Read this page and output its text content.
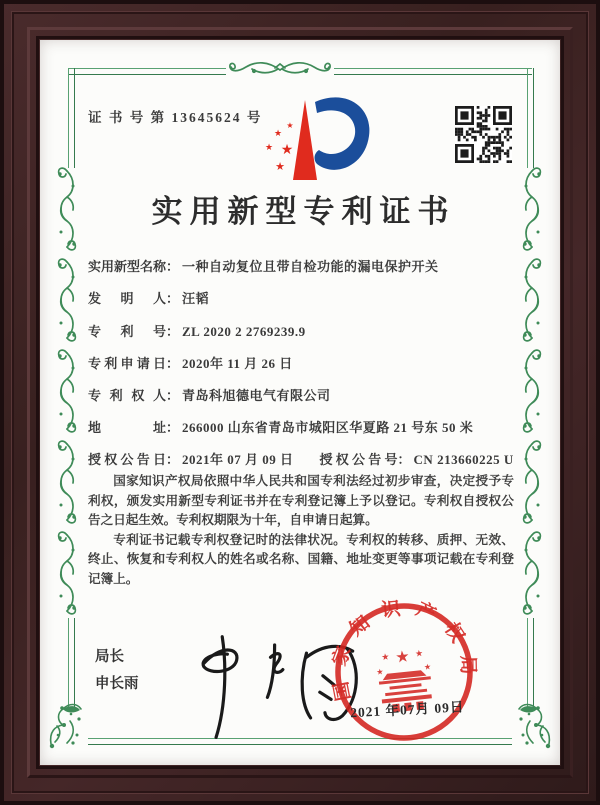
证 书 号 第 13645624 号
★
★
★ ★
★
实用新型专利证书
实用新型名称 ： 一种自动复位且带自检功能的漏电保护开关
发明人 ： 汪韬
专利号 ： ZL 2020 2 2769239.9
专利申请日 ： 2020年 11 月 26 日
专利权人 ： 青岛科旭德电气有限公司
地址 ： 266000 山东省青岛市城阳区华夏路 21 号东 50 米
授权公告日 ： 2021年 07 月 09 日 授权公告号 ： CN 213660225 U

国家知识产权局依照中华人民共和国专利法经过初步审查，决定授予专利权，颁发实用新型专利证书并在专利登记簿上予以登记。专利权自授权公告之日起生效。专利权期限为十年，自申请日起算。

专利证书记载专利权登记时的法律状况。专利权的转移、质押、无效、终止、恢复和专利权人的姓名或名称、国籍、地址变更等事项记载在专利登记簿上。

局长
申长雨	国家知识产权局
★
★	★
★
★
2021 年07月 09日
